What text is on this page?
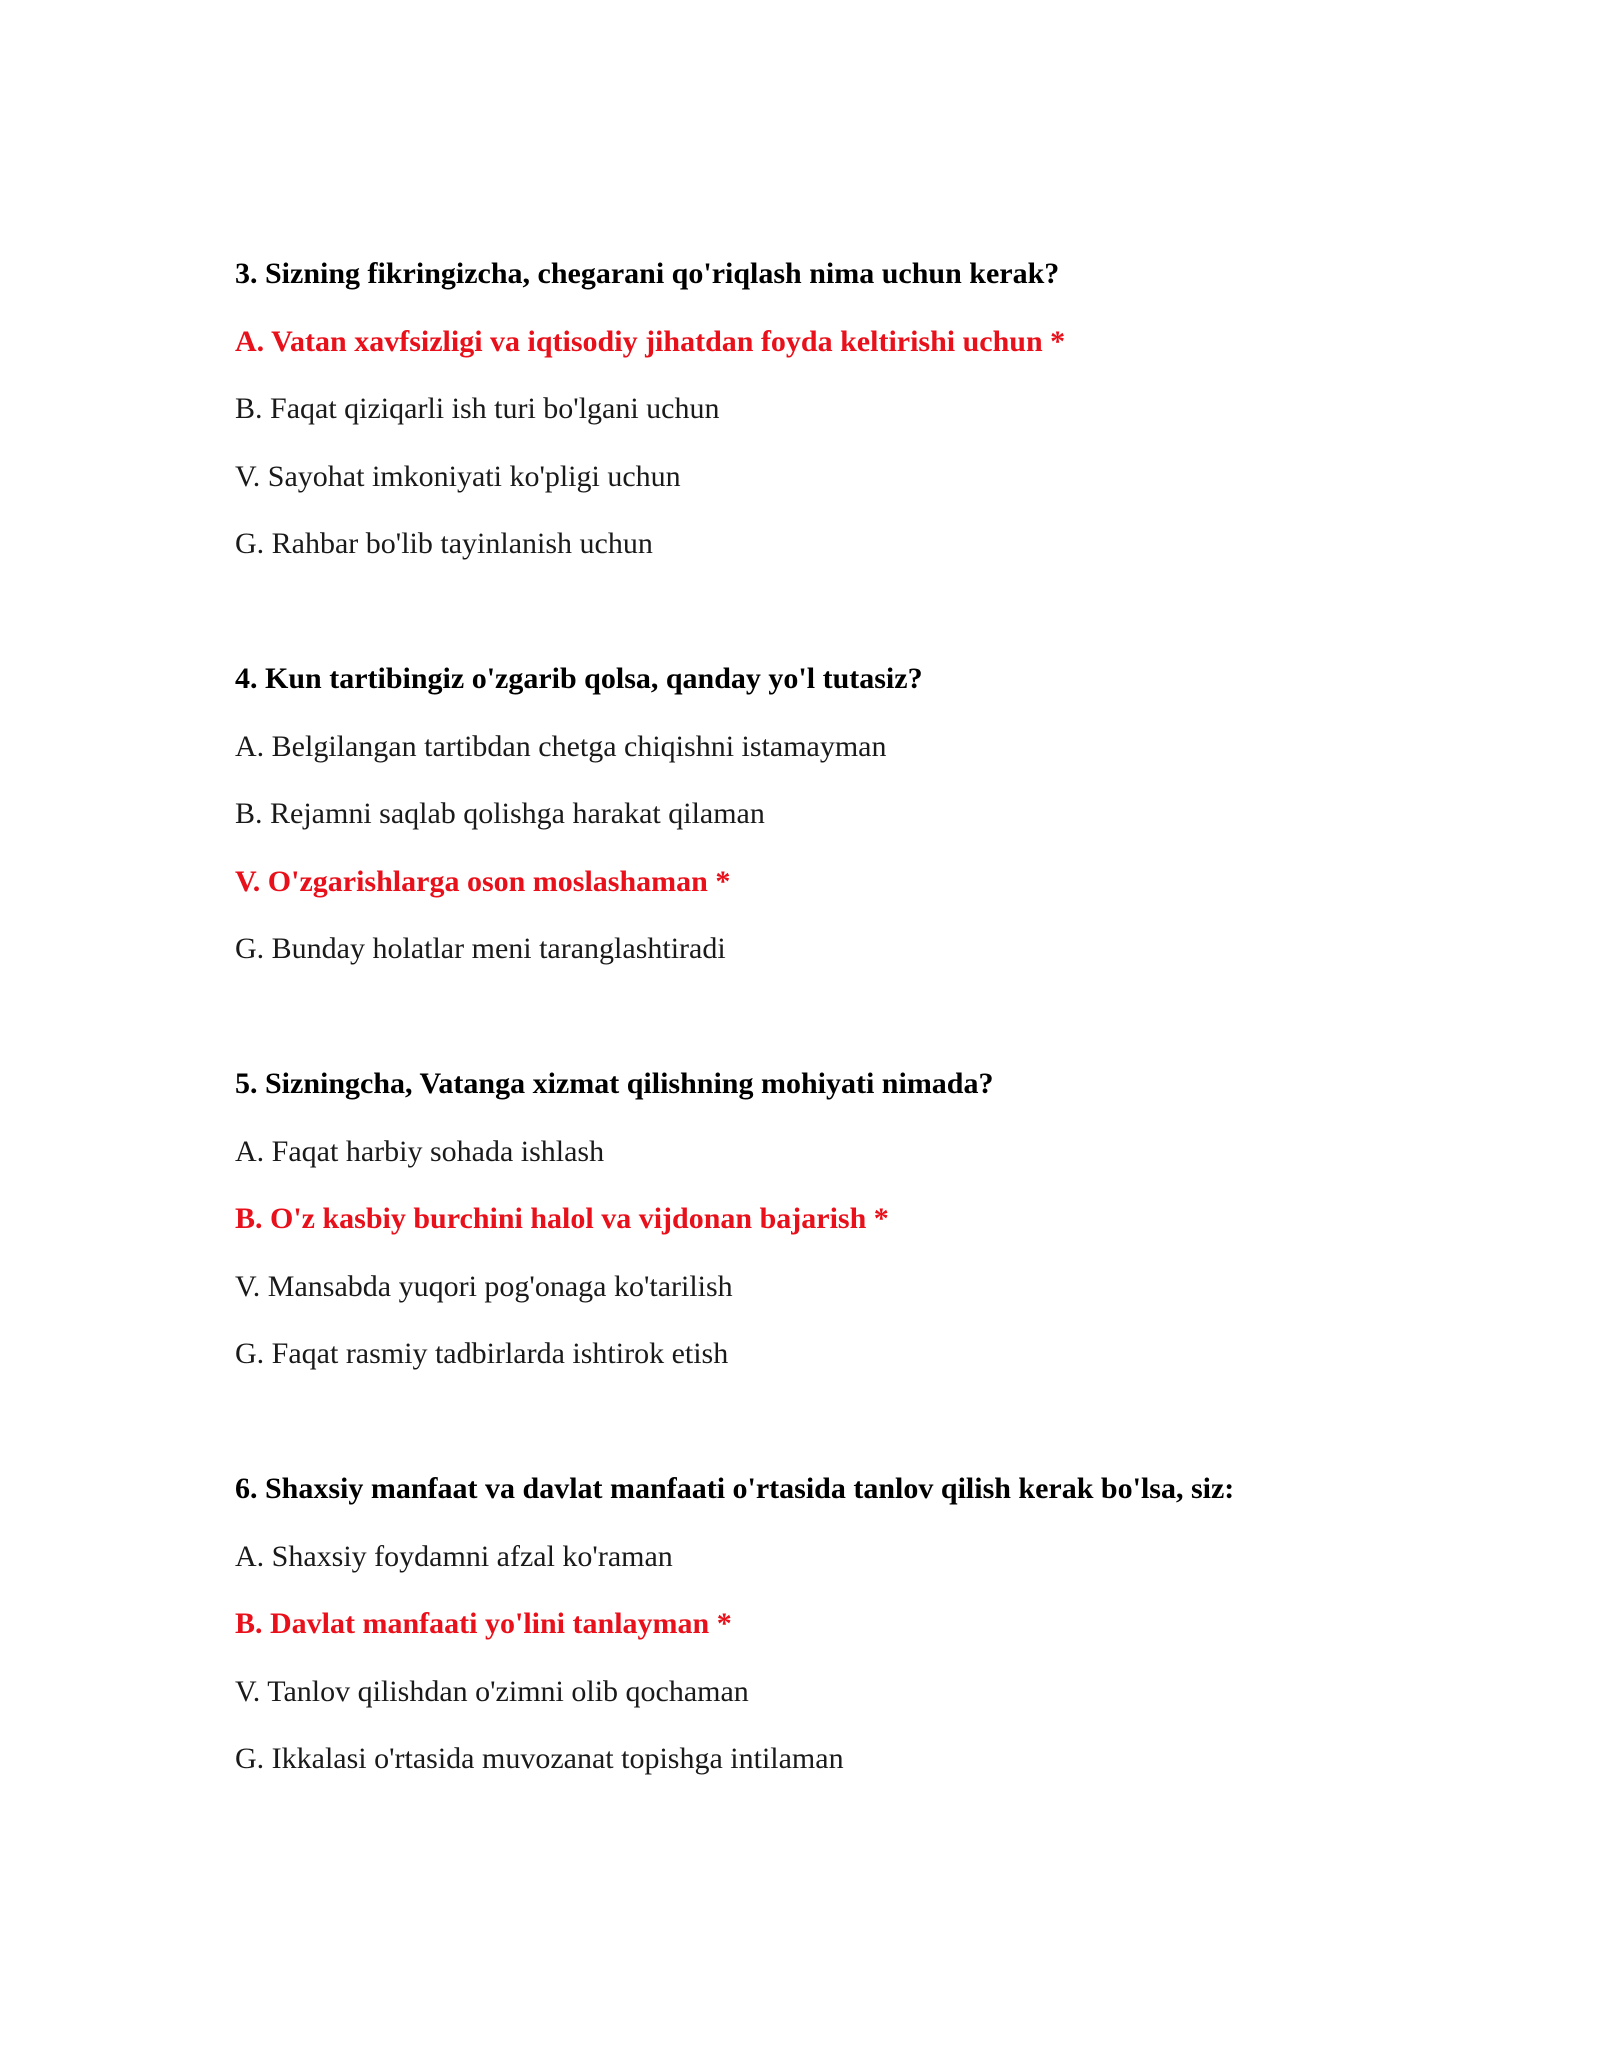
3. Sizning fikringizcha, chegarani qo'riqlash nima uchun kerak?
A. Vatan xavfsizligi va iqtisodiy jihatdan foyda keltirishi uchun *
B. Faqat qiziqarli ish turi bo'lgani uchun
V. Sayohat imkoniyati ko'pligi uchun
G. Rahbar bo'lib tayinlanish uchun
4. Kun tartibingiz o'zgarib qolsa, qanday yo'l tutasiz?
A. Belgilangan tartibdan chetga chiqishni istamayman
B. Rejamni saqlab qolishga harakat qilaman
V. O'zgarishlarga oson moslashaman *
G. Bunday holatlar meni taranglashtiradi
5. Sizningcha, Vatanga xizmat qilishning mohiyati nimada?
A. Faqat harbiy sohada ishlash
B. O'z kasbiy burchini halol va vijdonan bajarish *
V. Mansabda yuqori pog'onaga ko'tarilish
G. Faqat rasmiy tadbirlarda ishtirok etish
6. Shaxsiy manfaat va davlat manfaati o'rtasida tanlov qilish kerak bo'lsa, siz:
A. Shaxsiy foydamni afzal ko'raman
B. Davlat manfaati yo'lini tanlayman *
V. Tanlov qilishdan o'zimni olib qochaman
G. Ikkalasi o'rtasida muvozanat topishga intilaman
